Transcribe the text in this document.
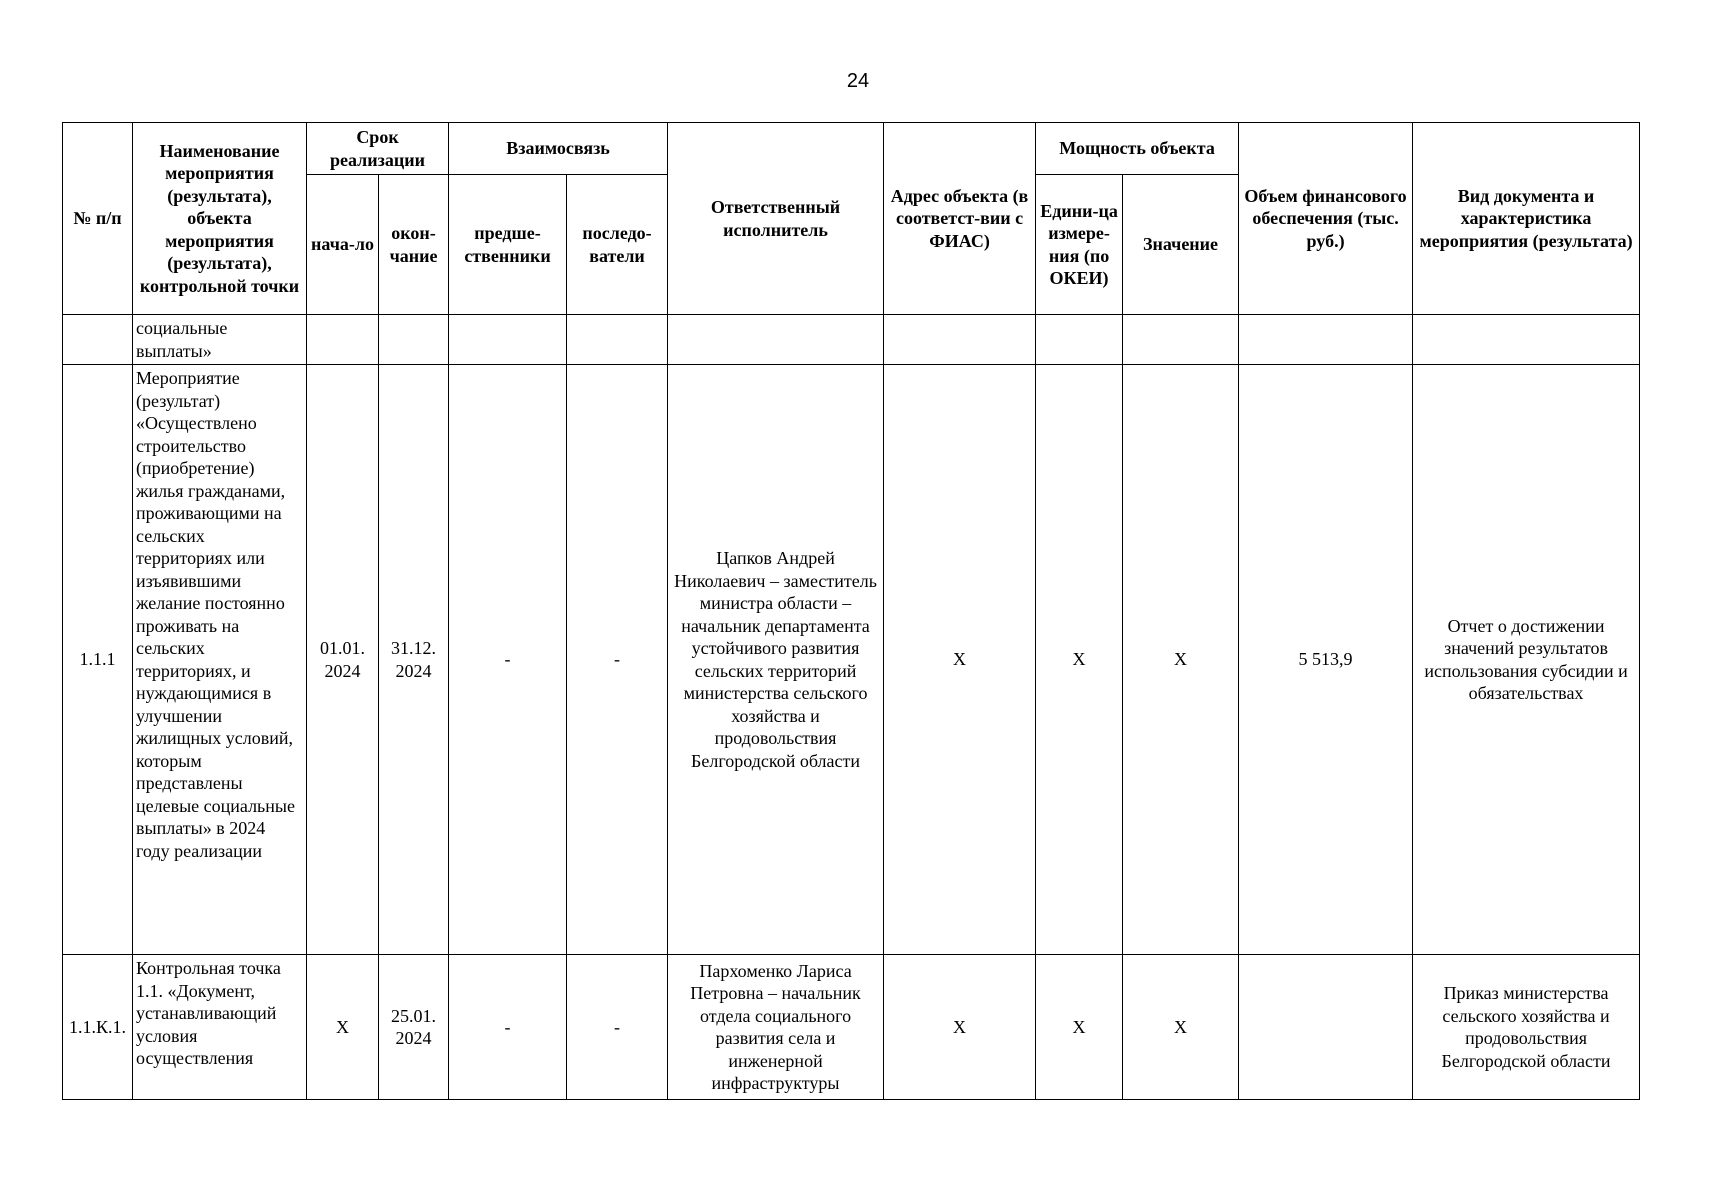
24
№ п/п	Наименование мероприятия (результата), объекта мероприятия (результата), контрольной точки	Срок реализации		Взаимосвязь		Ответственный исполнитель	Адрес объекта (в соответст-вии с ФИАС)	Мощность объекта		Объем финансового обеспечения (тыс. руб.)	Вид документа и характеристика мероприятия (результата)
		нача-ло	окон-чание	предше-ственники	последо-ватели			Едини-ца измере-ния (по ОКЕИ)	Значение		
	социальные выплаты»										
1.1.1	Мероприятие (результат) «Осуществлено строительство (приобретение) жилья гражданами, проживающими на сельских территориях или изъявившими желание постоянно проживать на сельских территориях, и нуждающимися в улучшении жилищных условий, которым представлены целевые социальные выплаты» в 2024 году реализации	01.01. 2024	31.12. 2024	-	-	Цапков Андрей Николаевич – заместитель министра области – начальник департамента устойчивого развития сельских территорий министерства сельского хозяйства и продовольствия Белгородской области	Х	Х	Х	5 513,9	Отчет о достижении значений результатов использования субсидии и обязательствах
1.1.К.1.	Контрольная точка 1.1. «Документ, устанавливающий условия осуществления	Х	25.01. 2024	-	-	Пархоменко Лариса Петровна – начальник отдела социального развития села и инженерной инфраструктуры	Х	Х	Х		Приказ министерства сельского хозяйства и продовольствия Белгородской области
